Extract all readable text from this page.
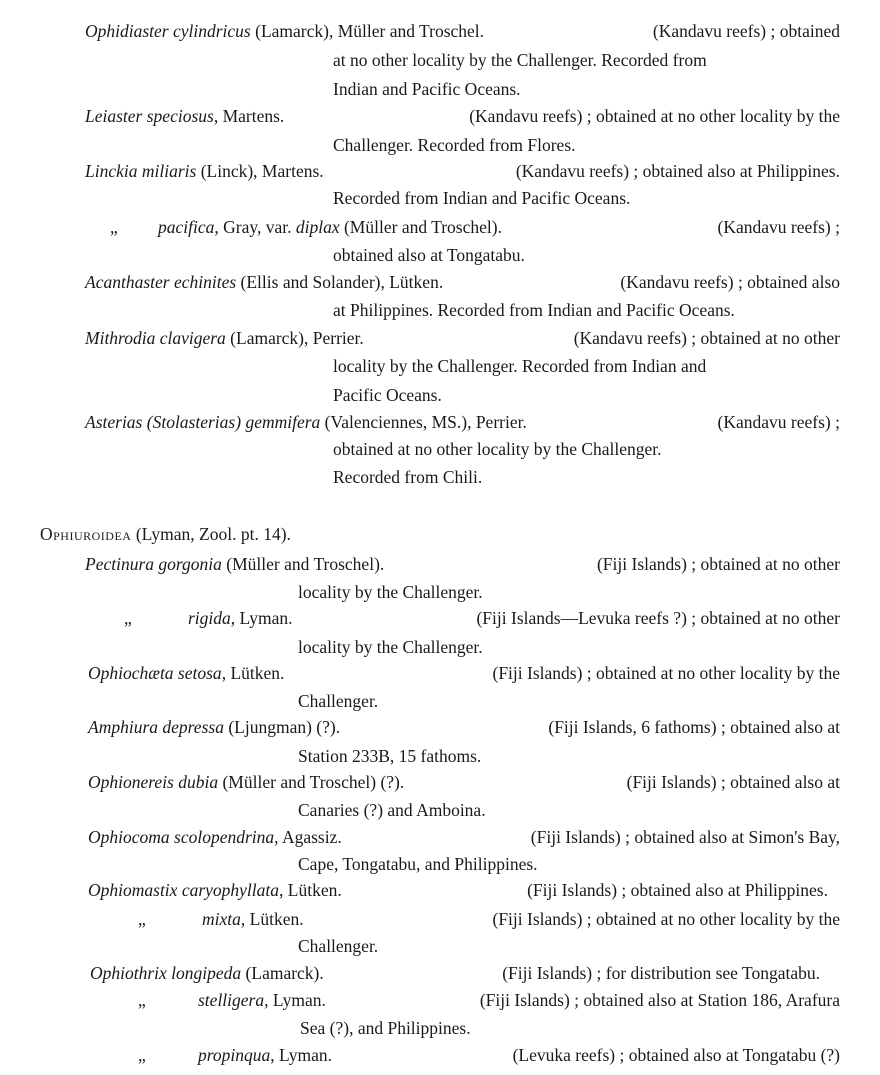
Ophidiaster cylindricus (Lamarck), Müller and Troschel.	(Kandavu reefs) ; obtained
at no other locality by the Challenger. Recorded from
Indian and Pacific Oceans.
Leiaster speciosus, Martens.	(Kandavu reefs) ; obtained at no other locality by the
Challenger. Recorded from Flores.
Linckia miliaris (Linck), Martens.	(Kandavu reefs) ; obtained also at Philippines.
Recorded from Indian and Pacific Oceans.
„ pacifica, Gray, var. diplax (Müller and Troschel).	(Kandavu reefs) ;
obtained also at Tongatabu.
Acanthaster echinites (Ellis and Solander), Lütken.	(Kandavu reefs) ; obtained also
at Philippines. Recorded from Indian and Pacific Oceans.
Mithrodia clavigera (Lamarck), Perrier.	(Kandavu reefs) ; obtained at no other
locality by the Challenger. Recorded from Indian and
Pacific Oceans.
Asterias (Stolasterias) gemmifera (Valenciennes, MS.), Perrier.	(Kandavu reefs) ;
obtained at no other locality by the Challenger.
Recorded from Chili.
Ophiuroidea (Lyman, Zool. pt. 14).
Pectinura gorgonia (Müller and Troschel).	(Fiji Islands) ; obtained at no other
locality by the Challenger.
„	rigida, Lyman.	(Fiji Islands—Levuka reefs ?) ; obtained at no other
locality by the Challenger.
Ophiochæta setosa, Lütken.	(Fiji Islands) ; obtained at no other locality by the
Challenger.
Amphiura depressa (Ljungman) (?).	(Fiji Islands, 6 fathoms) ; obtained also at
Station 233B, 15 fathoms.
Ophionereis dubia (Müller and Troschel) (?).	(Fiji Islands) ; obtained also at
Canaries (?) and Amboina.
Ophiocoma scolopendrina, Agassiz.	(Fiji Islands) ; obtained also at Simon's Bay,
Cape, Tongatabu, and Philippines.
Ophiomastix caryophyllata, Lütken.	(Fiji Islands) ; obtained also at Philippines.
„	mixta, Lütken.	(Fiji Islands) ; obtained at no other locality by the
Challenger.
Ophiothrix longipeda (Lamarck).	(Fiji Islands) ; for distribution see Tongatabu.
„	stelligera, Lyman.	(Fiji Islands) ; obtained also at Station 186, Arafura
Sea (?), and Philippines.
„	propinqua, Lyman.	(Levuka reefs) ; obtained also at Tongatabu (?)
